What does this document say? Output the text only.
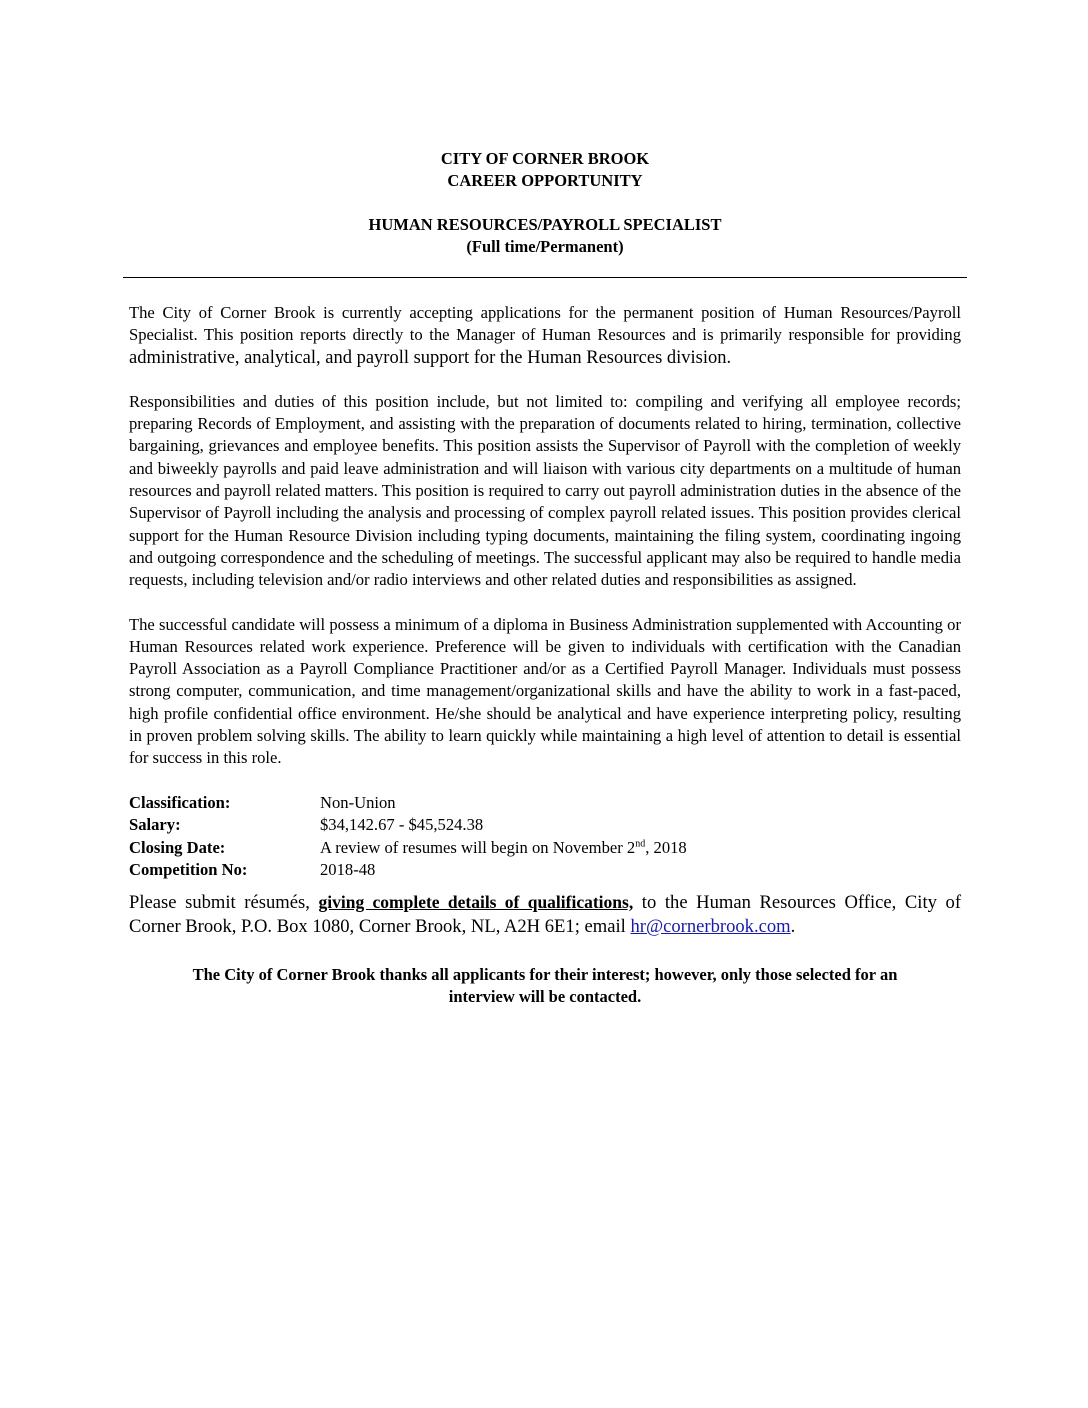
CITY OF CORNER BROOK
CAREER OPPORTUNITY
HUMAN RESOURCES/PAYROLL SPECIALIST
(Full time/Permanent)

The City of Corner Brook is currently accepting applications for the permanent position of Human Resources/Payroll Specialist. This position reports directly to the Manager of Human Resources and is primarily responsible for providing administrative, analytical, and payroll support for the Human Resources division.

Responsibilities and duties of this position include, but not limited to: compiling and verifying all employee records; preparing Records of Employment, and assisting with the preparation of documents related to hiring, termination, collective bargaining, grievances and employee benefits. This position assists the Supervisor of Payroll with the completion of weekly and biweekly payrolls and paid leave administration and will liaison with various city departments on a multitude of human resources and payroll related matters. This position is required to carry out payroll administration duties in the absence of the Supervisor of Payroll including the analysis and processing of complex payroll related issues. This position provides clerical support for the Human Resource Division including typing documents, maintaining the filing system, coordinating ingoing and outgoing correspondence and the scheduling of meetings. The successful applicant may also be required to handle media requests, including television and/or radio interviews and other related duties and responsibilities as assigned.

The successful candidate will possess a minimum of a diploma in Business Administration supplemented with Accounting or Human Resources related work experience. Preference will be given to individuals with certification with the Canadian Payroll Association as a Payroll Compliance Practitioner and/or as a Certified Payroll Manager. Individuals must possess strong computer, communication, and time management/organizational skills and have the ability to work in a fast-paced, high profile confidential office environment. He/she should be analytical and have experience interpreting policy, resulting in proven problem solving skills. The ability to learn quickly while maintaining a high level of attention to detail is essential for success in this role.

Classification:	Non-Union
Salary:	$34,142.67 - $45,524.38
Closing Date:	A review of resumes will begin on November 2nd, 2018
Competition No:	2018-48

Please submit résumés, giving complete details of qualifications, to the Human Resources Office, City of Corner Brook, P.O. Box 1080, Corner Brook, NL, A2H 6E1; email hr@cornerbrook.com.

The City of Corner Brook thanks all applicants for their interest; however, only those selected for an
interview will be contacted.
